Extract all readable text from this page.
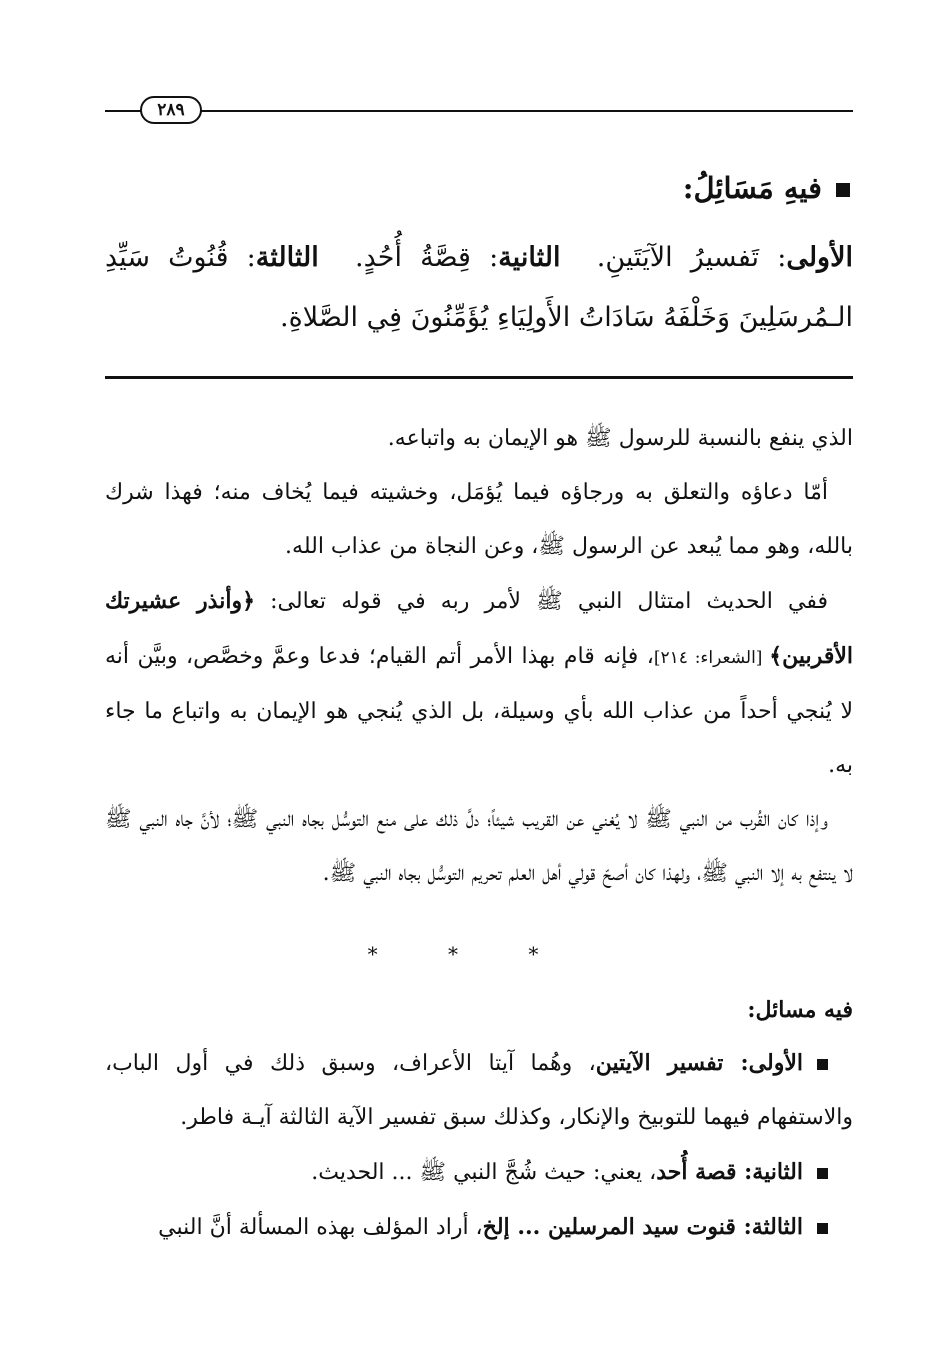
٢٨٩
فيهِ مَسَائِلُ:
الأولى: تَفسيرُ الآيَتَينِ.  الثانية: قِصَّةُ أُحُدٍ.  الثالثة: قُنُوتُ سَيِّدِ الـمُرسَلِينَ وَخَلْفَهُ سَادَاتُ الأَولِيَاءِ يُؤَمِّنُونَ فِي الصَّلاةِ.

الذي ينفع بالنسبة للرسول ﷺ هو الإيمان به واتباعه.

أمّا دعاؤه والتعلق به ورجاؤه فيما يُؤمَل، وخشيته فيما يُخاف منه؛ فهذا شرك بالله، وهو مما يُبعد عن الرسول ﷺ، وعن النجاة من عذاب الله.

ففي الحديث امتثال النبي ﷺ لأمر ربه في قوله تعالى: ﴿وأنذر عشيرتك الأقربين﴾ [الشعراء: ٢١٤]، فإنه قام بهذا الأمر أتم القيام؛ فدعا وعمَّ وخصَّص، وبيَّن أنه لا يُنجي أحداً من عذاب الله بأي وسيلة، بل الذي يُنجي هو الإيمان به واتباع ما جاء به.

وإذا كان القُرب من النبي ﷺ لا يُغني عن القريب شيئاً؛ دلَّ ذلك على منع التوسُّل بجاه النبي ﷺ؛ لأنَّ جاه النبي ﷺ لا ينتفع به إلا النبي ﷺ، ولهذا كان أصحّ قولي أهل العلم تحريم التوسُّل بجاه النبي ﷺ.

* * *
فيه مسائل:

الأولى: تفسير الآيتين، وهُما آيتا الأعراف، وسبق ذلك في أول الباب، والاستفهام فيهما للتوبيخ والإنكار، وكذلك سبق تفسير الآية الثالثة آيـة فاطر.

الثانية: قصة أُحد، يعني: حيث شُجَّ النبي ﷺ ... الحديث.

الثالثة: قنوت سيد المرسلين ... إلخ، أراد المؤلف بهذه المسألة أنَّ النبي
